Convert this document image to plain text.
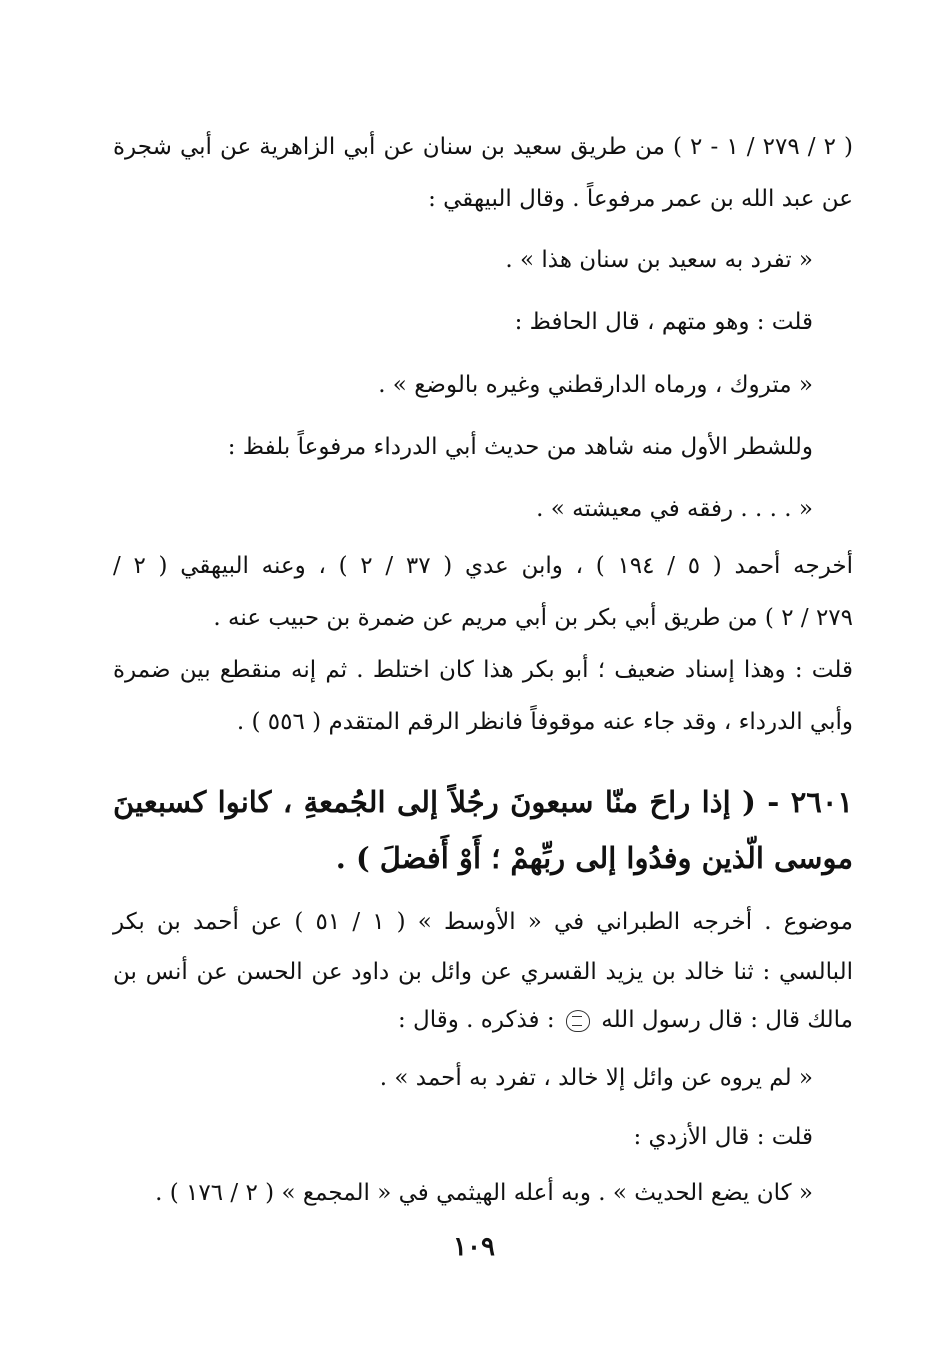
( ٢ / ٢٧٩ / ١ - ٢ ) من طريق سعيد بن سنان عن أبي الزاهرية عن أبي شجرة
عن عبد الله بن عمر مرفوعاً . وقال البيهقي :
« تفرد به سعيد بن سنان هذا » .
قلت : وهو متهم ، قال الحافظ :
« متروك ، ورماه الدارقطني وغيره بالوضع » .
وللشطر الأول منه شاهد من حديث أبي الدرداء مرفوعاً بلفظ :
« . . . . رفقه في معيشته » .
أخرجه أحمد ( ٥ / ١٩٤ ) ، وابن عدي ( ٣٧ / ٢ ) ، وعنه البيهقي ( ٢ /
٢٧٩ / ٢ ) من طريق أبي بكر بن أبي مريم عن ضمرة بن حبيب عنه .
قلت : وهذا إسناد ضعيف ؛ أبو بكر هذا كان اختلط . ثم إنه منقطع بين ضمرة
وأبي الدرداء ، وقد جاء عنه موقوفاً فانظر الرقم المتقدم ( ٥٥٦ ) .
٢٦٠١ - ( إذا راحَ منّا سبعونَ رجُلاً إلى الجُمعةِ ، كانوا كسبعينَ
موسى الّذين وفدُوا إلى ربِّهمْ ؛ أَوْ أَفضلَ ) .
موضوع . أخرجه الطبراني في « الأوسط » ( ١ / ٥١ ) عن أحمد بن بكر
البالسي : ثنا خالد بن يزيد القسري عن وائل بن داود عن الحسن عن أنس بن
مالك قال : قال رسول الله  : فذكره . وقال :
« لم يروه عن وائل إلا خالد ، تفرد به أحمد » .
قلت : قال الأزدي :
« كان يضع الحديث » . وبه أعله الهيثمي في « المجمع » ( ٢ / ١٧٦ ) .
١٠٩
